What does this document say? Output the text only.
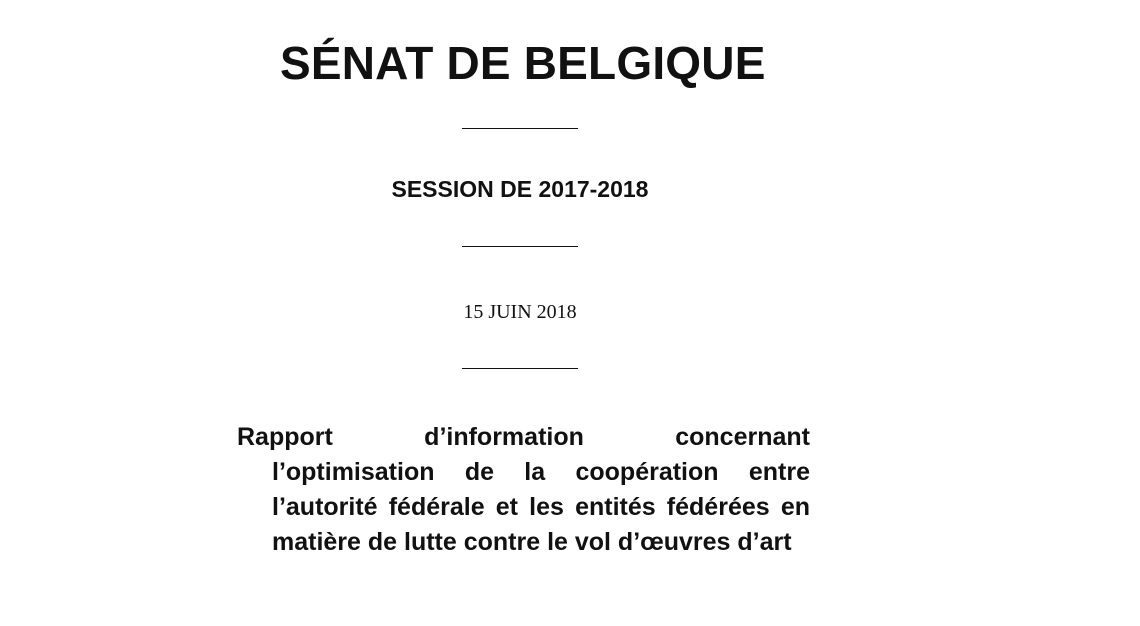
SÉNAT DE BELGIQUE
SESSION DE 2017-2018
15 JUIN 2018
Rapport d’information concernant l’optimisation de la coopération entre l’autorité fédérale et les entités fédérées en matière de lutte contre le vol d’œuvres d’art
